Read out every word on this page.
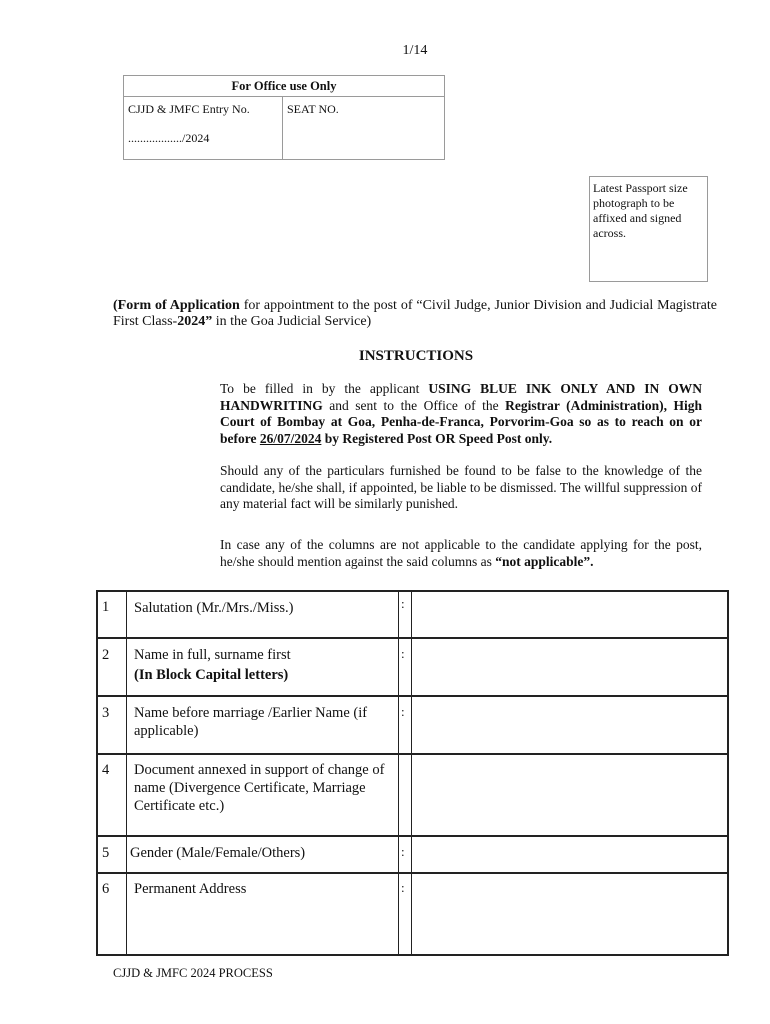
1/14
For Office use Only
CJJD & JMFC Entry No.
................../2024
SEAT NO.
Latest Passport size photograph to be affixed and signed across.
(Form of Application for appointment to the post of “Civil Judge, Junior Division and Judicial Magistrate First Class-2024” in the Goa Judicial Service)
INSTRUCTIONS
To be filled in by the applicant USING BLUE INK ONLY AND IN OWN HANDWRITING and sent to the Office of the Registrar (Administration), High Court of Bombay at Goa, Penha-de-Franca, Porvorim-Goa so as to reach on or before 26/07/2024 by Registered Post OR Speed Post only.
Should any of the particulars furnished be found to be false to the knowledge of the candidate, he/she shall, if appointed, be liable to be dismissed. The willful suppression of any material fact will be similarly punished.
In case any of the columns are not applicable to the candidate applying for the post, he/she should mention against the said columns as “not applicable”.
1 Salutation (Mr./Mrs./Miss.)	:
2 Name in full, surname first
(In Block Capital letters)
:
3 Name before marriage /Earlier Name (if applicable)
:
4 Document annexed in support of change of name (Divergence Certificate, Marriage Certificate etc.)
5 Gender (Male/Female/Others)	:
6 Permanent Address	:
CJJD & JMFC 2024 PROCESS
